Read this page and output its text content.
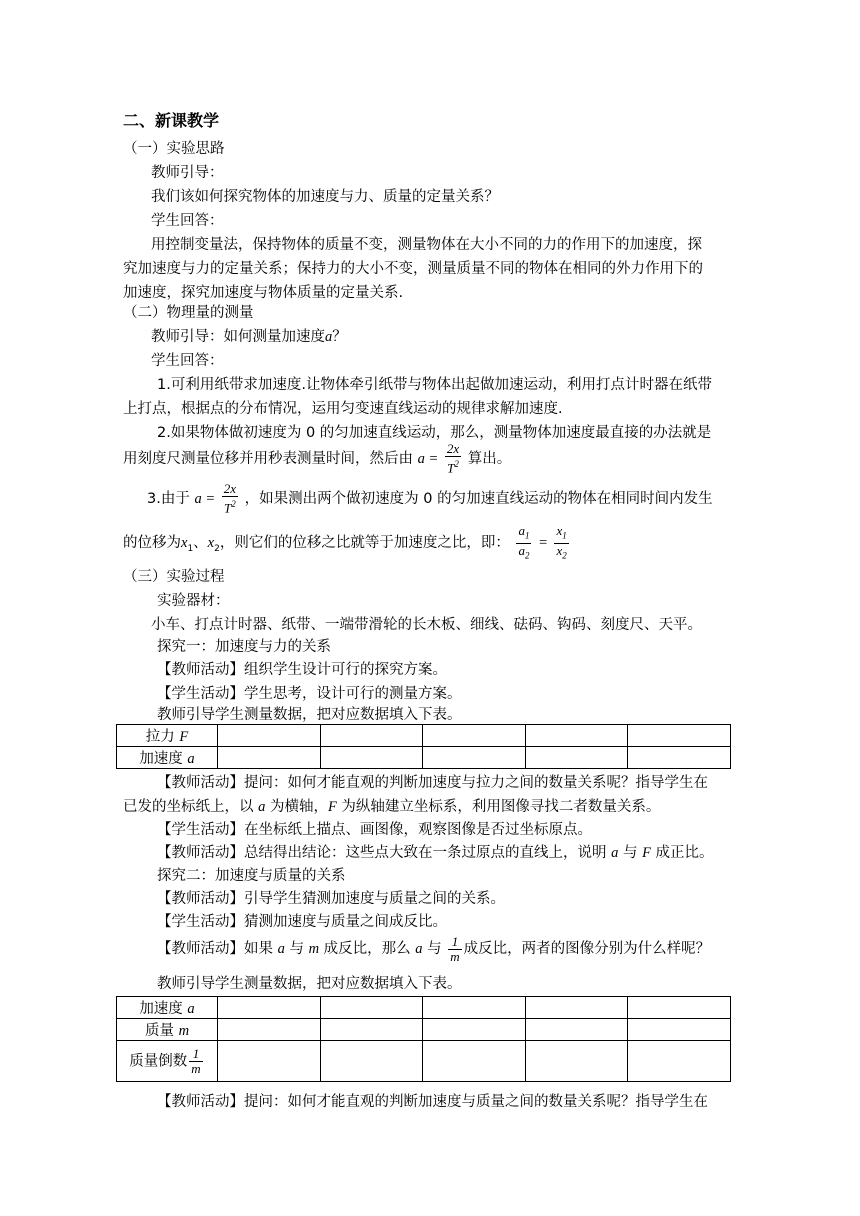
二、新课教学
（一）实验思路
教师引导：
我们该如何探究物体的加速度与力、质量的定量关系？
学生回答：
用控制变量法，保持物体的质量不变，测量物体在大小不同的力的作用下的加速度，探
究加速度与力的定量关系；保持力的大小不变，测量质量不同的物体在相同的外力作用下的
加速度，探究加速度与物体质量的定量关系.
（二）物理量的测量
教师引导：如何测量加速度a？
学生回答：
1.可利用纸带求加速度.让物体牵引纸带与物体出起做加速运动，利用打点计时器在纸带
上打点，根据点的分布情况，运用匀变速直线运动的规律求解加速度.
2.如果物体做初速度为 0 的匀加速直线运动，那么，测量物体加速度最直接的办法就是
用刻度尺测量位移并用秒表测量时间，然后由 $a = \frac{2x}{T^2}$ 算出。
3.由于 $a = \frac{2x}{T^2}$ ，如果测出两个做初速度为 0 的匀加速直线运动的物体在相同时间内发生
的位移为$x_1$、$x_2$，则它们的位移之比就等于加速度之比，即： $\frac{a_1}{a_2} = \frac{x_1}{x_2}$
（三）实验过程
实验器材：
小车、打点计时器、纸带、一端带滑轮的长木板、细线、砝码、钩码、刻度尺、天平。
探究一：加速度与力的关系
【教师活动】组织学生设计可行的探究方案。
【学生活动】学生思考，设计可行的测量方案。
教师引导学生测量数据，把对应数据填入下表。
拉力 F					
加速度 a					
【教师活动】提问：如何才能直观的判断加速度与拉力之间的数量关系呢？指导学生在
已发的坐标纸上，以 a 为横轴，F 为纵轴建立坐标系，利用图像寻找二者数量关系。
【学生活动】在坐标纸上描点、画图像，观察图像是否过坐标原点。
【教师活动】总结得出结论：这些点大致在一条过原点的直线上，说明 a 与 F 成正比。
探究二：加速度与质量的关系
【教师活动】引导学生猜测加速度与质量之间的关系。
【学生活动】猜测加速度与质量之间成反比。
【教师活动】如果 a 与 m 成反比，那么 a 与 $\frac{1}{m}$ 成反比，两者的图像分别为什么样呢？
教师引导学生测量数据，把对应数据填入下表。
加速度 a					
质量 m					
质量倒数 $\frac{1}{m}$

【教师活动】提问：如何才能直观的判断加速度与质量之间的数量关系呢？指导学生在
